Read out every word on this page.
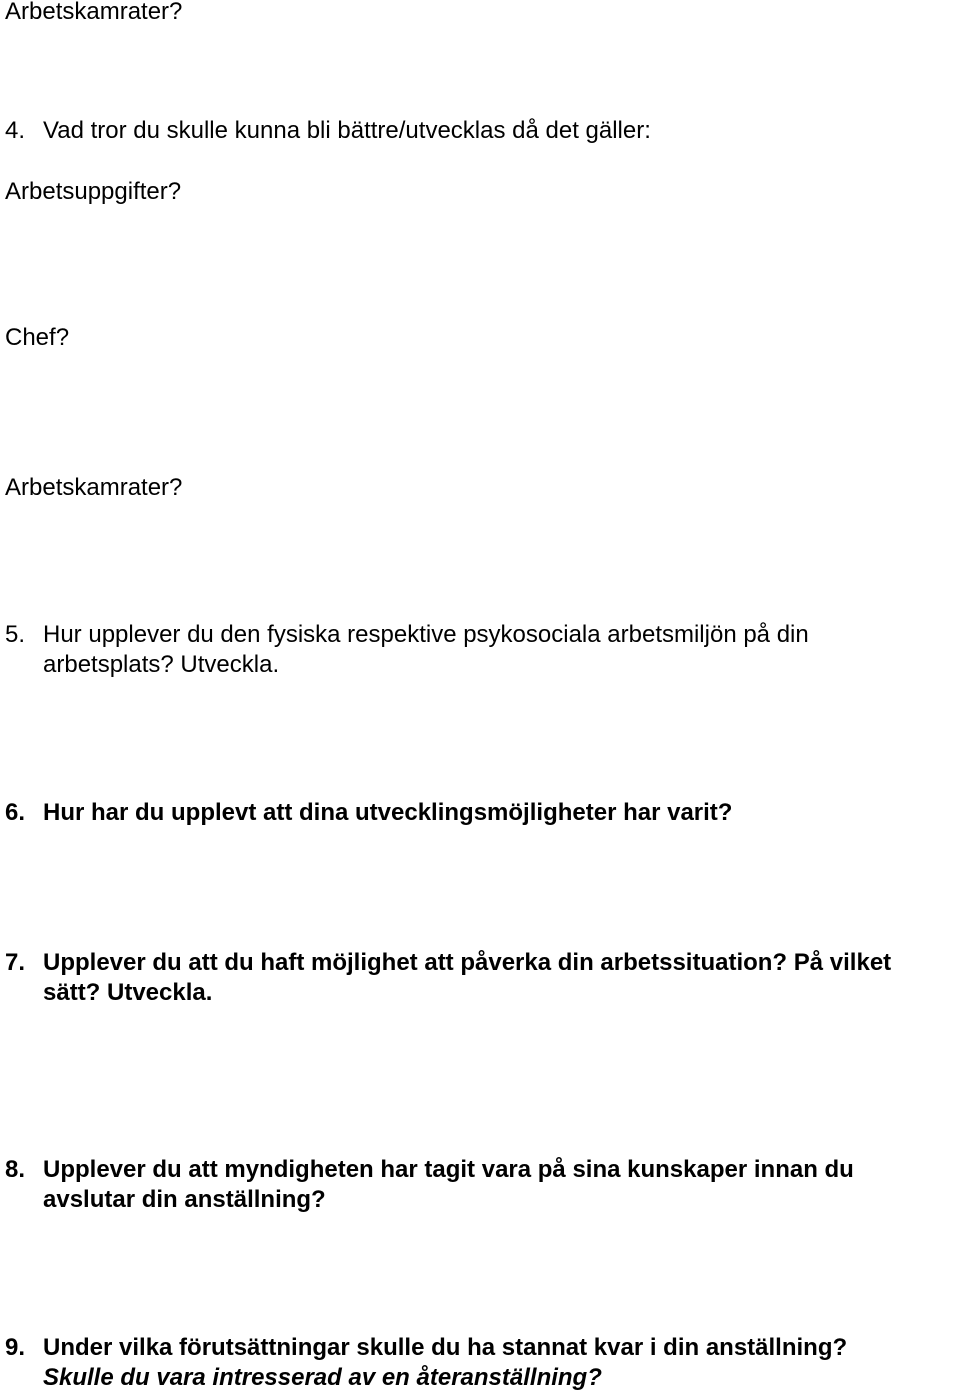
Arbetskamrater?
4. Vad tror du skulle kunna bli bättre/utvecklas då det gäller:
Arbetsuppgifter?
Chef?
Arbetskamrater?
5. Hur upplever du den fysiska respektive psykosociala arbetsmiljön på din
arbetsplats? Utveckla.
6. Hur har du upplevt att dina utvecklingsmöjligheter har varit?
7. Upplever du att du haft möjlighet att påverka din arbetssituation? På vilket
sätt? Utveckla.
8. Upplever du att myndigheten har tagit vara på sina kunskaper innan du
avslutar din anställning?
9. Under vilka förutsättningar skulle du ha stannat kvar i din anställning?
Skulle du vara intresserad av en återanställning?
